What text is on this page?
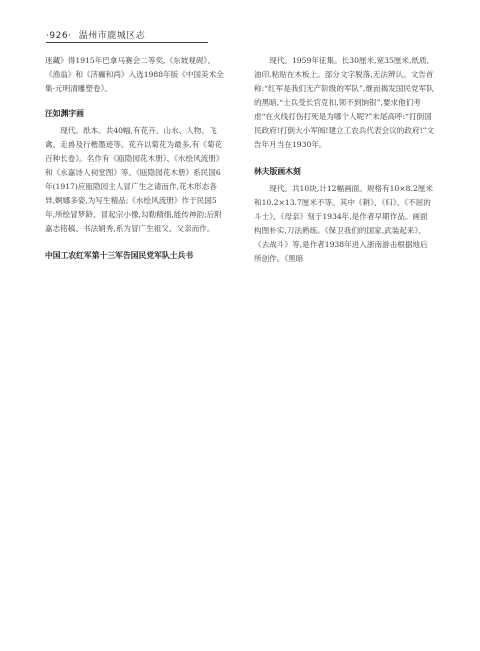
·926· 温州市鹿城区志

迷藏》得1915年巴拿马赛会二等奖,《东坡观砚》、《渔翁》和《济癫和尚》入选1988年版《中国美术全集·元明清雕塑卷》。

汪如渊字画

现代。纸本。共40幅,有花卉、山水、人物、飞禽、走兽及行楷墨迹等。花卉以菊花为最多,有《菊花百种长卷》。名作有《瓯隐园花木册》、《水绘风流册》和《永嘉诗人祠堂图》等。《瓯隐园花木册》系民国6年(1917)应瓯隐园主人冒广生之请而作,花木形态各异,婀娜多姿,为写生精品;《水绘风流册》作于民国5年,所绘冒梦龄、冒起宗小像,勾勒精细,能传神韵;后附嘉志铭稿、书法娟秀,系为冒广生祖父、父亲而作。

中国工农红军第十三军告国民党军队士兵书

现代。1959年征集。长30厘米,宽35厘米,纸质,油印,粘贴在木板上。部分文字脱落,无法辨认。文告首称:“红军是我们无产阶级的军队”,继而揭发国民党军队的黑暗,“士兵受长官克扣,领不到饷银”,要求他们考虑“在火线打伤打死是为哪个人呢?”末尾高呼:“打倒国民政府!打倒大小军阀!建立工农兵代表会议的政府!”文告年月当在1930年。

林夫版画木刻

现代。共10块,计12幅画面。规格有10×8.2厘米和10.2×13.7厘米不等。其中《耕》、《归》、《不屈的斗士》、《母亲》刻于1934年,是作者早期作品。画面构图朴实,刀法熟练。《保卫我们的国家,武装起来》、《去战斗》等,是作者1938年进入浙南游击根据地后所创作。《黑暗
